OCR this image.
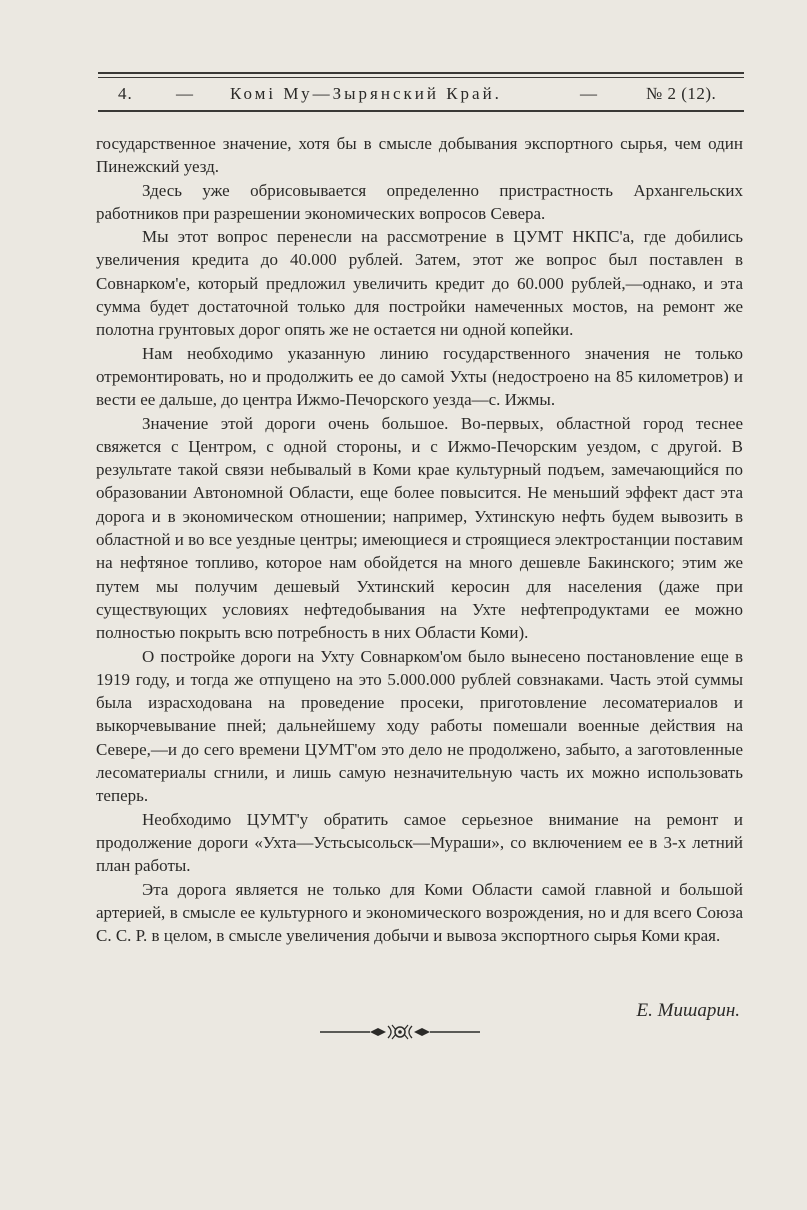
4.	— Комі Му—Зырянский Край.	—	№ 2 (12).

государственное значение, хотя бы в смысле добывания экспортного сырья, чем один Пинежский уезд.

Здесь уже обрисовывается определенно пристрастность Архангельских работников при разрешении экономических вопросов Севера.

Мы этот вопрос перенесли на рассмотрение в ЦУМТ НКПС'а, где добились увеличения кредита до 40.000 рублей. Затем, этот же вопрос был поставлен в Совнарком'е, который предложил увеличить кредит до 60.000 рублей,—однако, и эта сумма будет достаточной только для постройки намеченных мостов, на ремонт же полотна грунтовых дорог опять же не остается ни одной копейки.

Нам необходимо указанную линию государственного значения не только отремонтировать, но и продолжить ее до самой Ухты (недостроено на 85 километров) и вести ее дальше, до центра Ижмо-Печорского уезда—с. Ижмы.

Значение этой дороги очень большое. Во-первых, областной город теснее свяжется с Центром, с одной стороны, и с Ижмо-Печорским уездом, с другой. В результате такой связи небывалый в Коми крае культурный подъем, замечающийся по образовании Автономной Области, еще более повысится. Не меньший эффект даст эта дорога и в экономическом отношении; например, Ухтинскую нефть будем вывозить в областной и во все уездные центры; имеющиеся и строящиеся электростанции поставим на нефтяное топливо, которое нам обойдется на много дешевле Бакинского; этим же путем мы получим дешевый Ухтинский керосин для населения (даже при существующих условиях нефтедобывания на Ухте нефтепродуктами ее можно полностью покрыть всю потребность в них Области Коми).

О постройке дороги на Ухту Совнарком'ом было вынесено постановление еще в 1919 году, и тогда же отпущено на это 5.000.000 рублей совзнаками. Часть этой суммы была израсходована на проведение просеки, приготовление лесоматериалов и выкорчевывание пней; дальнейшему ходу работы помешали военные действия на Севере,—и до сего времени ЦУМТ'ом это дело не продолжено, забыто, а заготовленные лесоматериалы сгнили, и лишь самую незначительную часть их можно использовать теперь.

Необходимо ЦУМТ'у обратить самое серьезное внимание на ремонт и продолжение дороги «Ухта—Устьсысольск—Мураши», со включением ее в 3-х летний план работы.

Эта дорога является не только для Коми Области самой главной и большой артерией, в смысле ее культурного и экономического возрождения, но и для всего Союза С. С. Р. в целом, в смысле увеличения добычи и вывоза экспортного сырья Коми края.

Е. Мишарин.
